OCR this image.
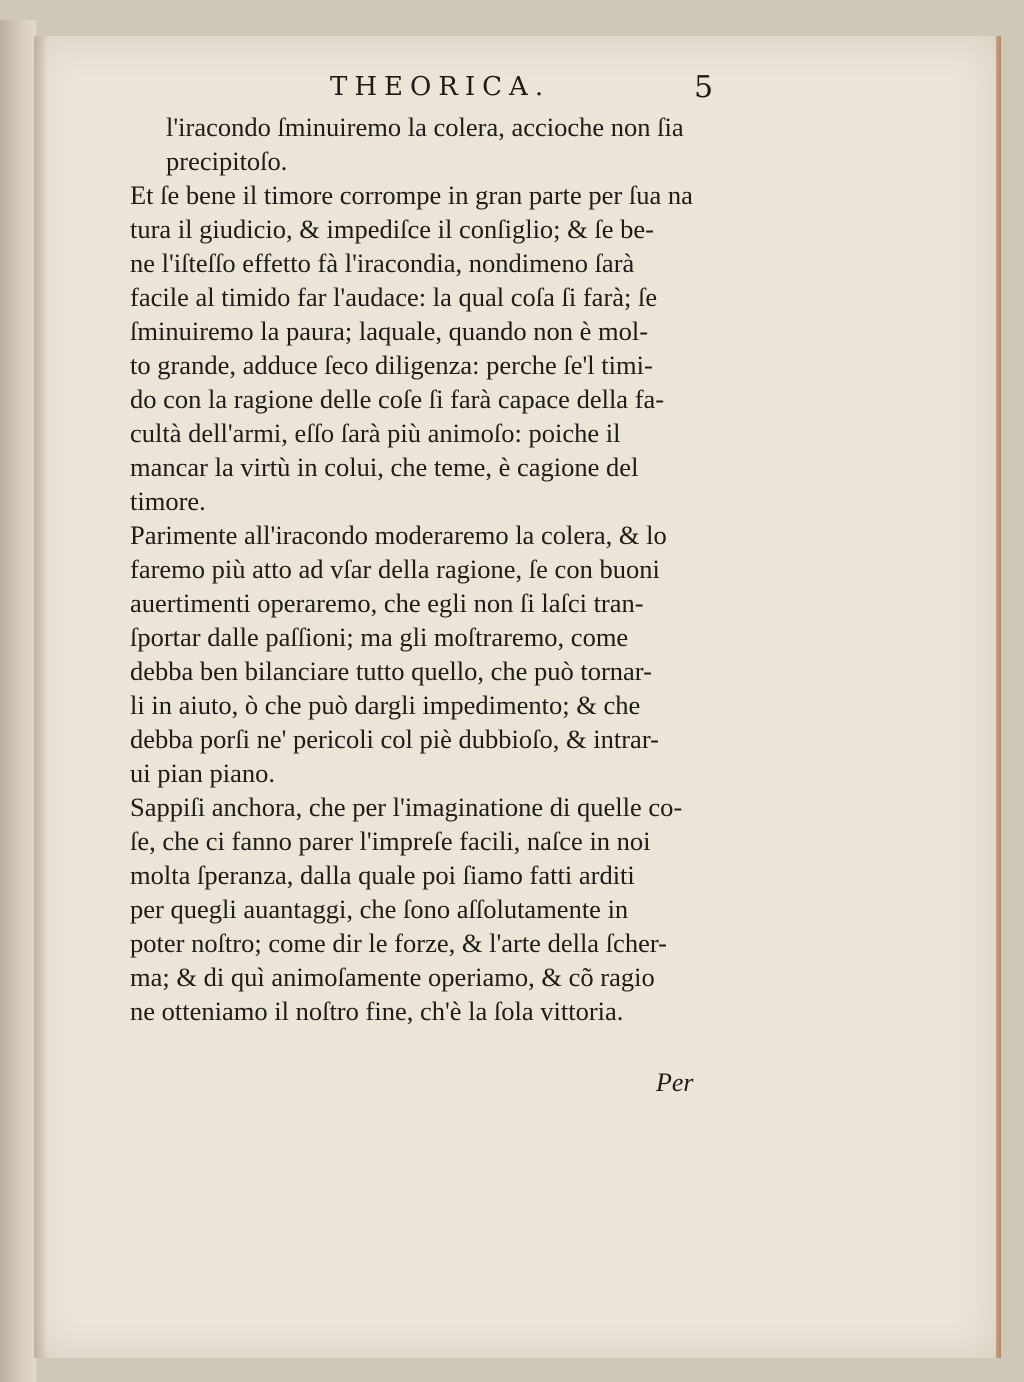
THEORICA.	5

l'iracondo ſminuiremo la colera, accioche non ſia
precipitoſo.

Et ſe bene il timore corrompe in gran parte per ſua na
tura il giudicio, & impediſce il conſiglio; & ſe be-
ne l'iſteſſo effetto fà l'iracondia, nondimeno ſarà
facile al timido far l'audace: la qual coſa ſi farà; ſe
ſminuiremo la paura; laquale, quando non è mol-
to grande, adduce ſeco diligenza: perche ſe'l timi-
do con la ragione delle coſe ſi farà capace della fa-
cultà dell'armi, eſſo ſarà più animoſo: poiche il
mancar la virtù in colui, che teme, è cagione del
timore.

Parimente all'iracondo moderaremo la colera, & lo
faremo più atto ad vſar della ragione, ſe con buoni
auertimenti operaremo, che egli non ſi laſci tran-
ſportar dalle paſſioni; ma gli moſtraremo, come
debba ben bilanciare tutto quello, che può tornar-
li in aiuto, ò che può dargli impedimento; & che
debba porſi ne' pericoli col piè dubbioſo, & intrar-
ui pian piano.

Sappiſi anchora, che per l'imaginatione di quelle co-
ſe, che ci fanno parer l'impreſe facili, naſce in noi
molta ſperanza, dalla quale poi ſiamo fatti arditi
per quegli auantaggi, che ſono aſſolutamente in
poter noſtro; come dir le forze, & l'arte della ſcher-
ma; & di quì animoſamente operiamo, & cõ ragio
ne otteniamo il noſtro fine, ch'è la ſola vittoria.

Per
